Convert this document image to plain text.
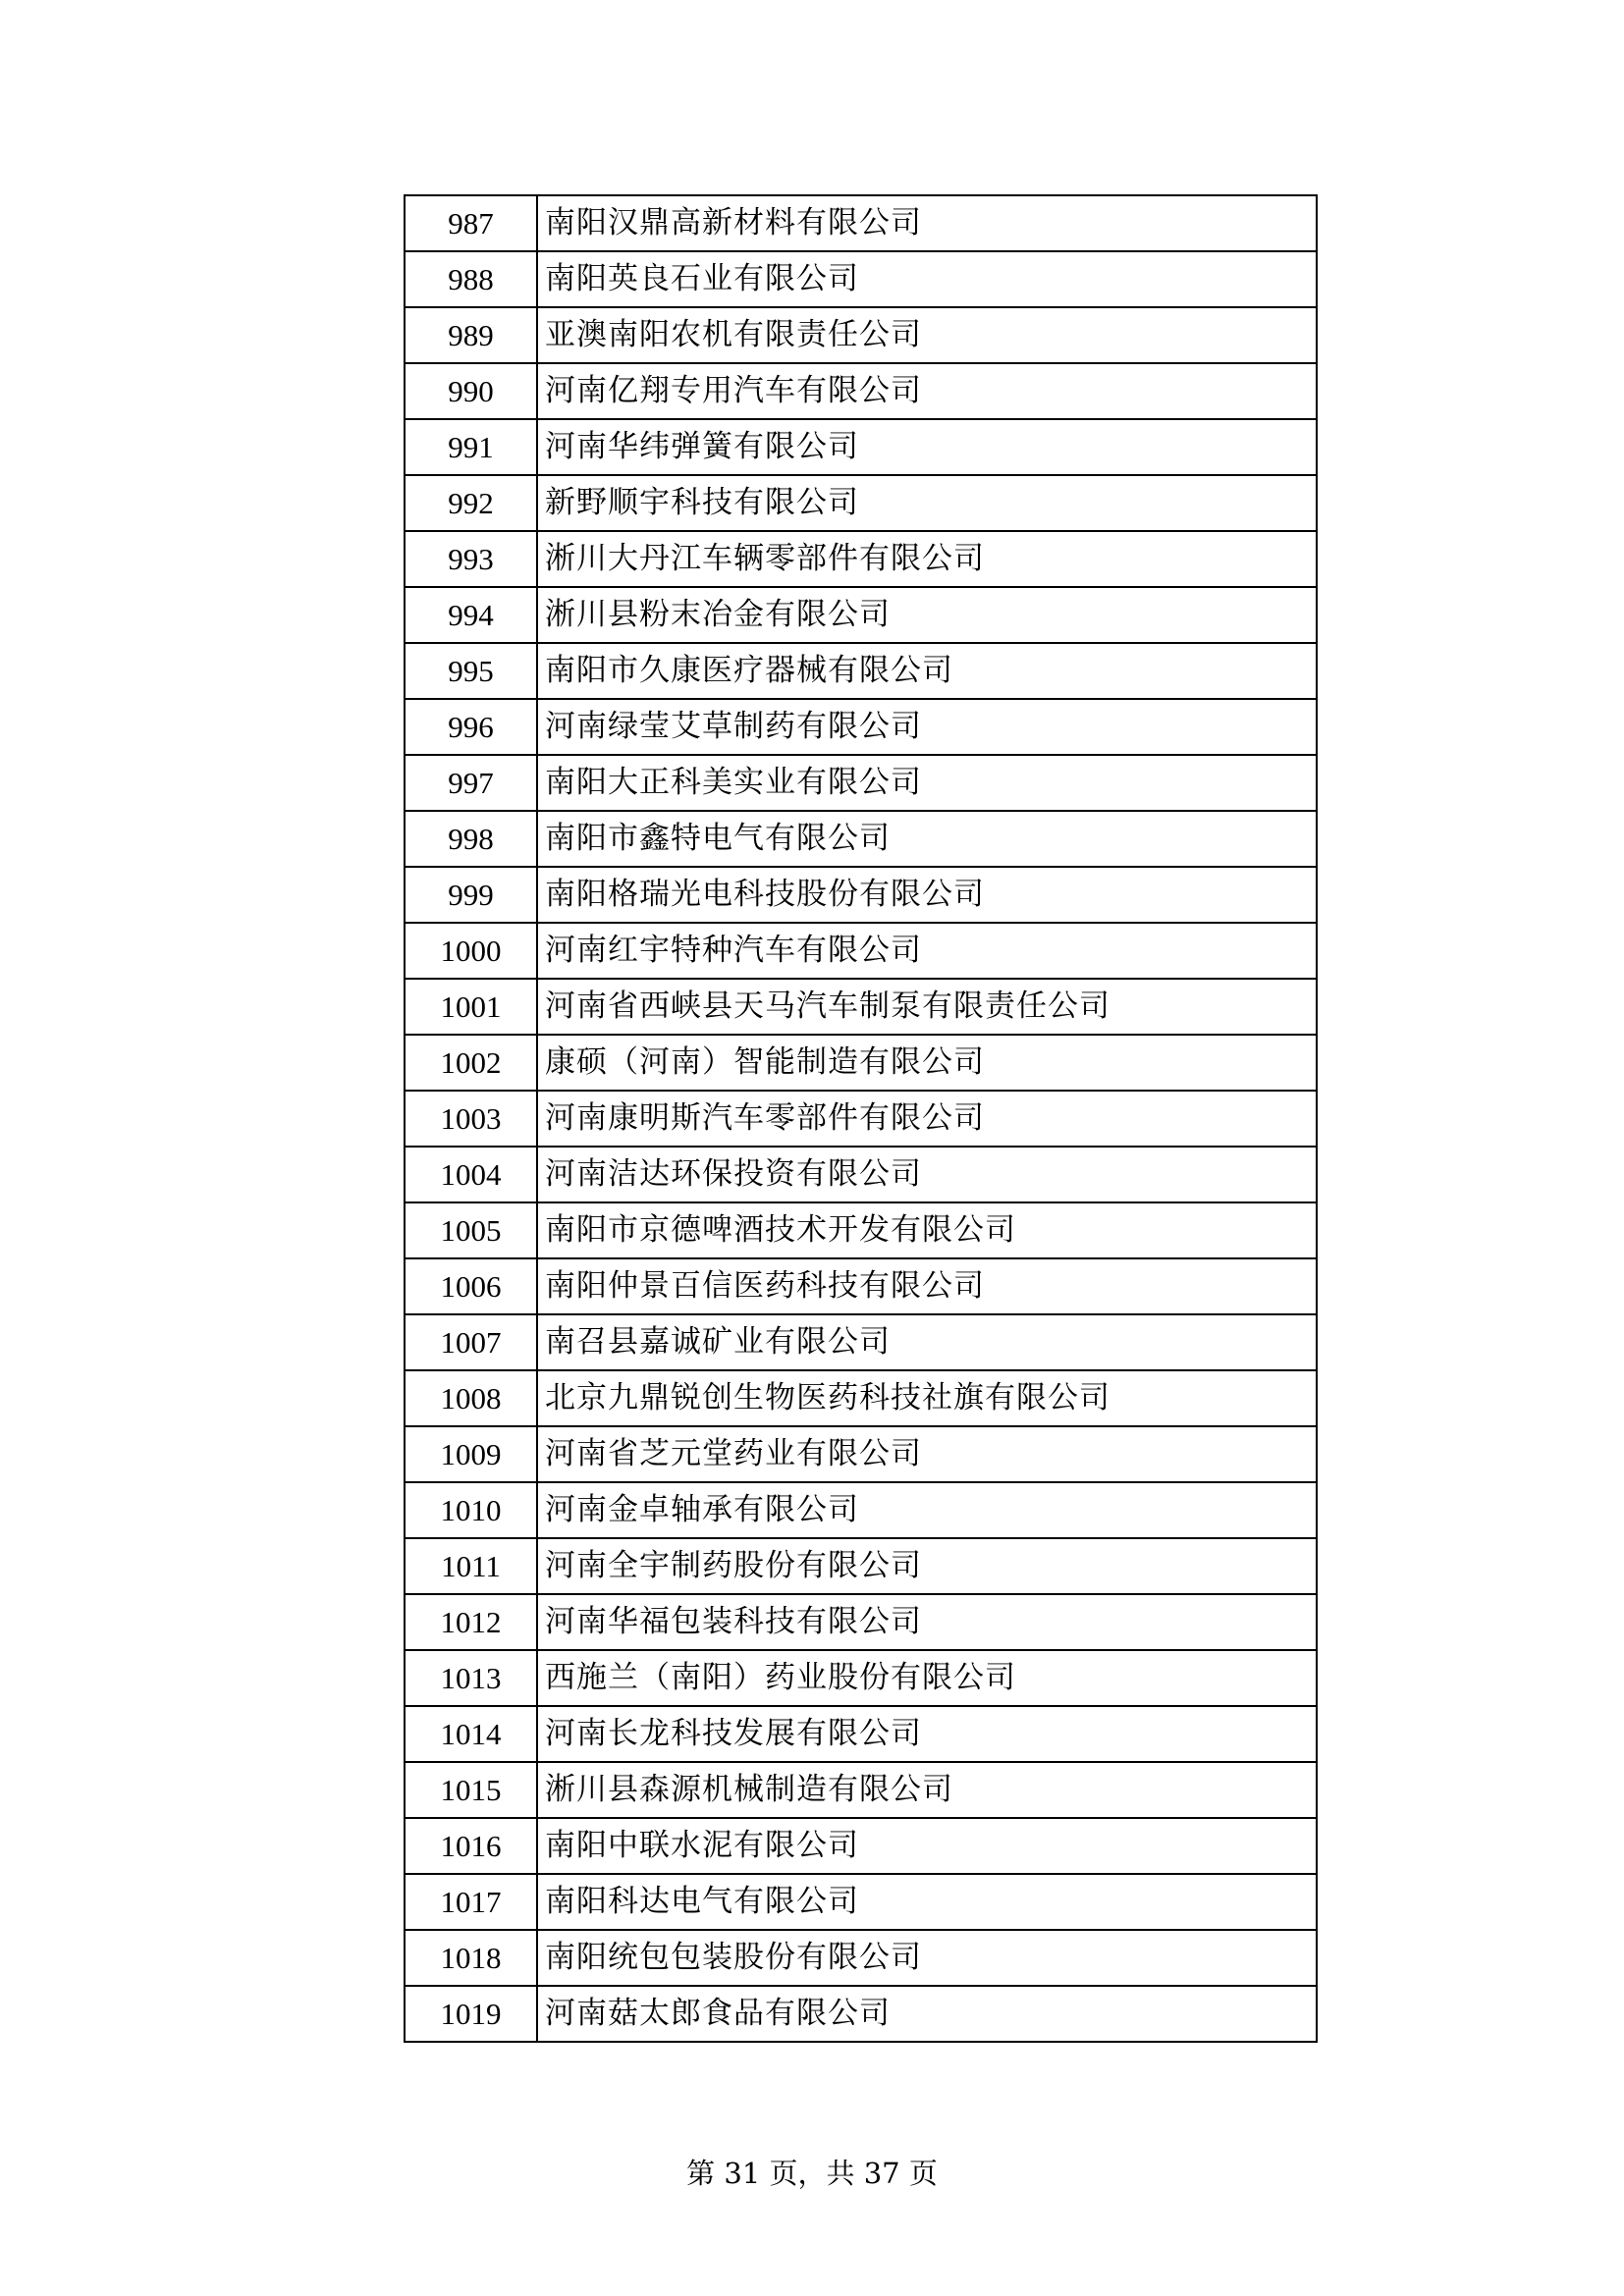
987	南阳汉鼎高新材料有限公司
988	南阳英良石业有限公司
989	亚澳南阳农机有限责任公司
990	河南亿翔专用汽车有限公司
991	河南华纬弹簧有限公司
992	新野顺宇科技有限公司
993	淅川大丹江车辆零部件有限公司
994	淅川县粉末冶金有限公司
995	南阳市久康医疗器械有限公司
996	河南绿莹艾草制药有限公司
997	南阳大正科美实业有限公司
998	南阳市鑫特电气有限公司
999	南阳格瑞光电科技股份有限公司
1000	河南红宇特种汽车有限公司
1001	河南省西峡县天马汽车制泵有限责任公司
1002	康硕（河南）智能制造有限公司
1003	河南康明斯汽车零部件有限公司
1004	河南洁达环保投资有限公司
1005	南阳市京德啤酒技术开发有限公司
1006	南阳仲景百信医药科技有限公司
1007	南召县嘉诚矿业有限公司
1008	北京九鼎锐创生物医药科技社旗有限公司
1009	河南省芝元堂药业有限公司
1010	河南金卓轴承有限公司
1011	河南全宇制药股份有限公司
1012	河南华福包装科技有限公司
1013	西施兰（南阳）药业股份有限公司
1014	河南长龙科技发展有限公司
1015	淅川县森源机械制造有限公司
1016	南阳中联水泥有限公司
1017	南阳科达电气有限公司
1018	南阳统包包装股份有限公司
1019	河南菇太郎食品有限公司
第 31 页，共 37 页
